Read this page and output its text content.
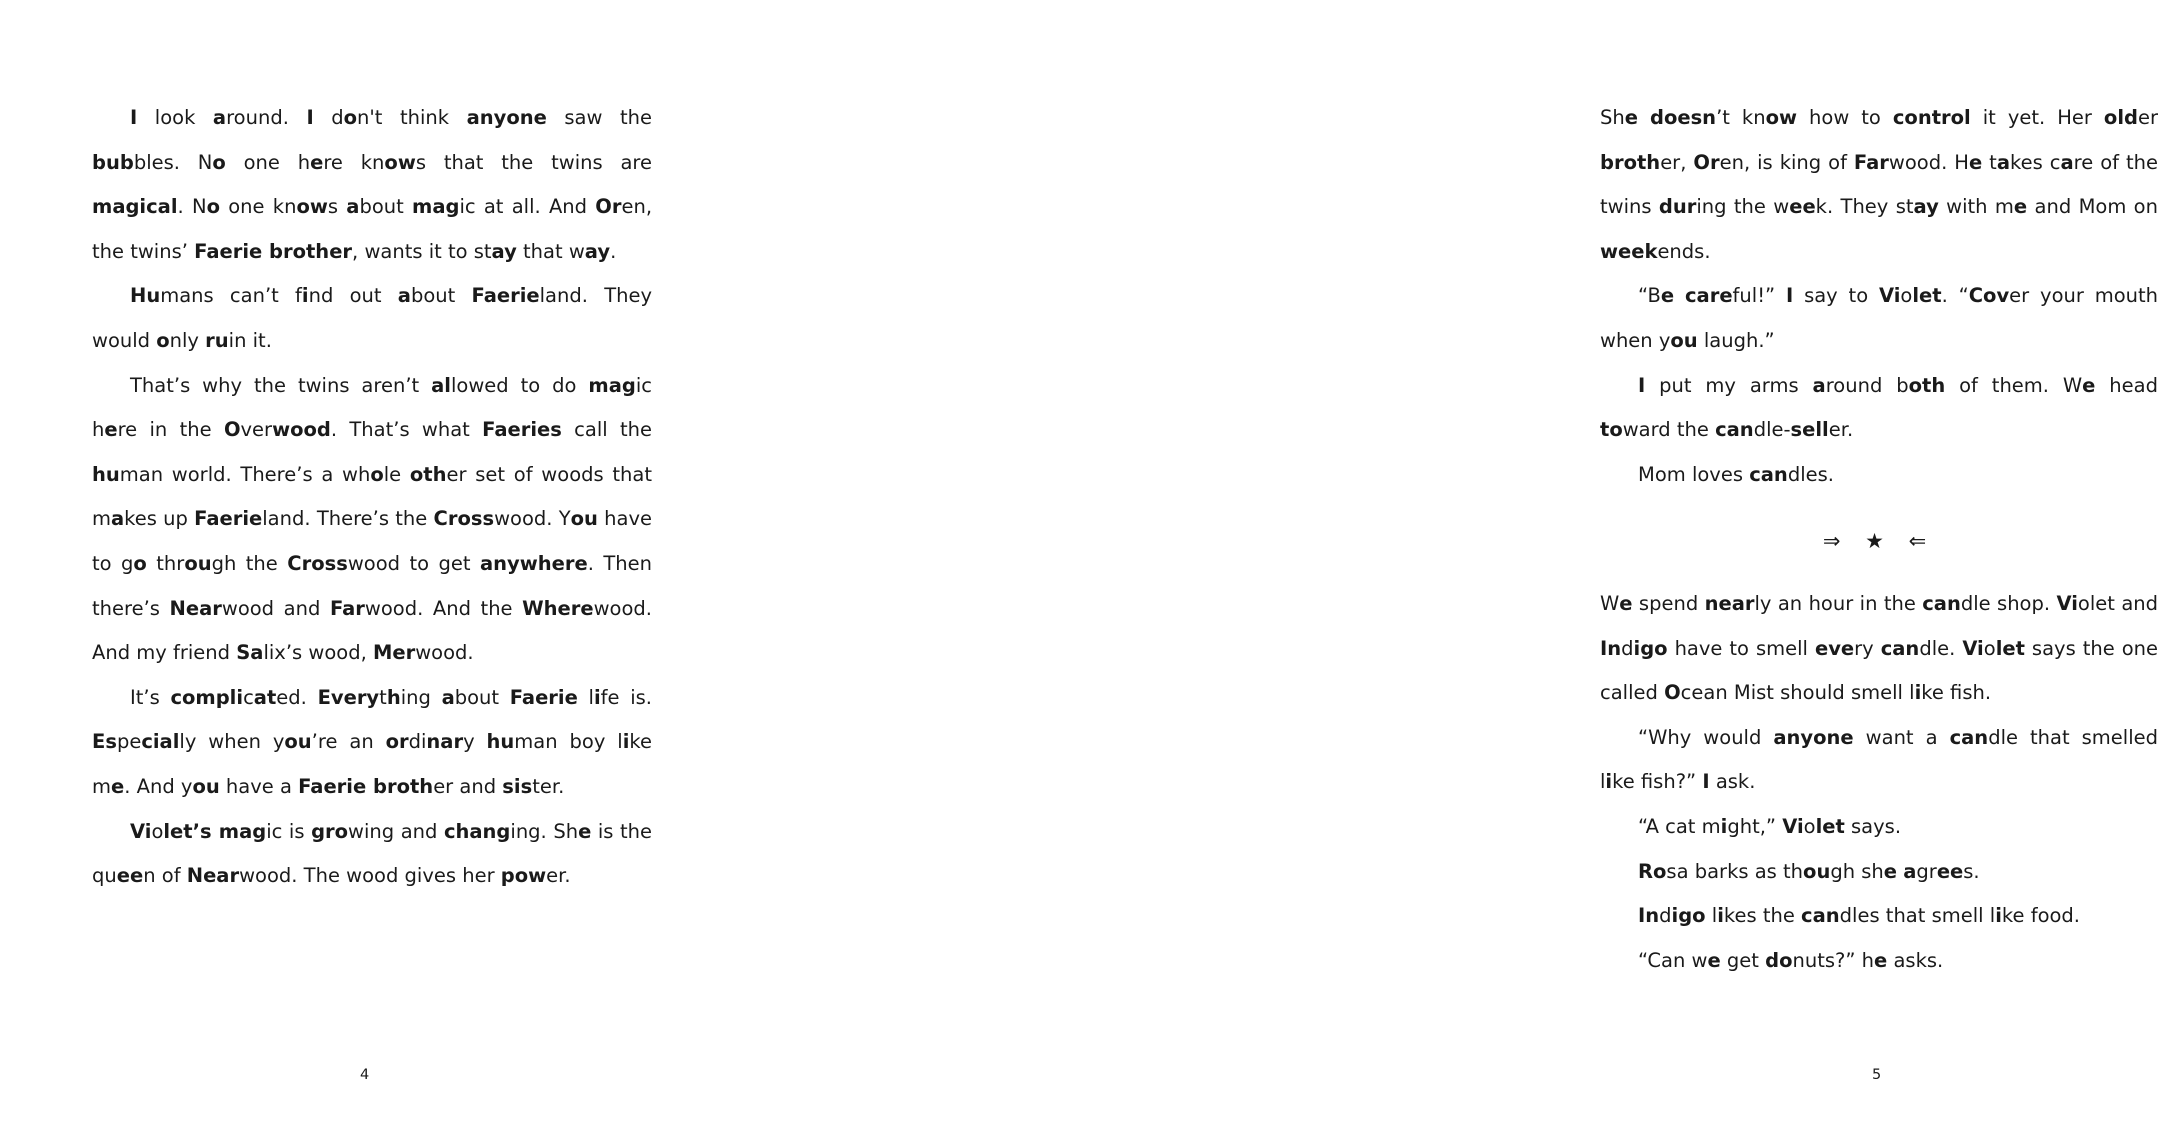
I look around. I don't think anyone saw the bubbles. No one here knows that the twins are magical. No one knows about magic at all. And Oren, the twins’ Faerie brother, wants it to stay that way.

Humans can’t find out about Faerieland. They would only ruin it.

That’s why the twins aren’t allowed to do magic here in the Overwood. That’s what Faeries call the human world. There’s a whole other set of woods that makes up Faerieland. There’s the Crosswood. You have to go through the Crosswood to get anywhere. Then there’s Nearwood and Farwood. And the Wherewood. And my friend Salix’s wood, Merwood.

It’s complicated. Everything about Faerie life is. Especially when you’re an ordinary human boy like me. And you have a Faerie brother and sister.

Violet’s magic is growing and changing. She is the queen of Nearwood. The wood gives her power.

4

She doesn’t know how to control it yet. Her older brother, Oren, is king of Farwood. He takes care of the twins during the week. They stay with me and Mom on weekends.

“Be careful!” I say to Violet. “Cover your mouth when you laugh.”

I put my arms around both of them. We head toward the candle-seller.

Mom loves candles.

⇒ ★ ⇐

We spend nearly an hour in the candle shop. Violet and Indigo have to smell every candle. Violet says the one called Ocean Mist should smell like fish.

“Why would anyone want a candle that smelled like fish?” I ask.

“A cat might,” Violet says.

Rosa barks as though she agrees.

Indigo likes the candles that smell like food.

“Can we get donuts?” he asks.

5
